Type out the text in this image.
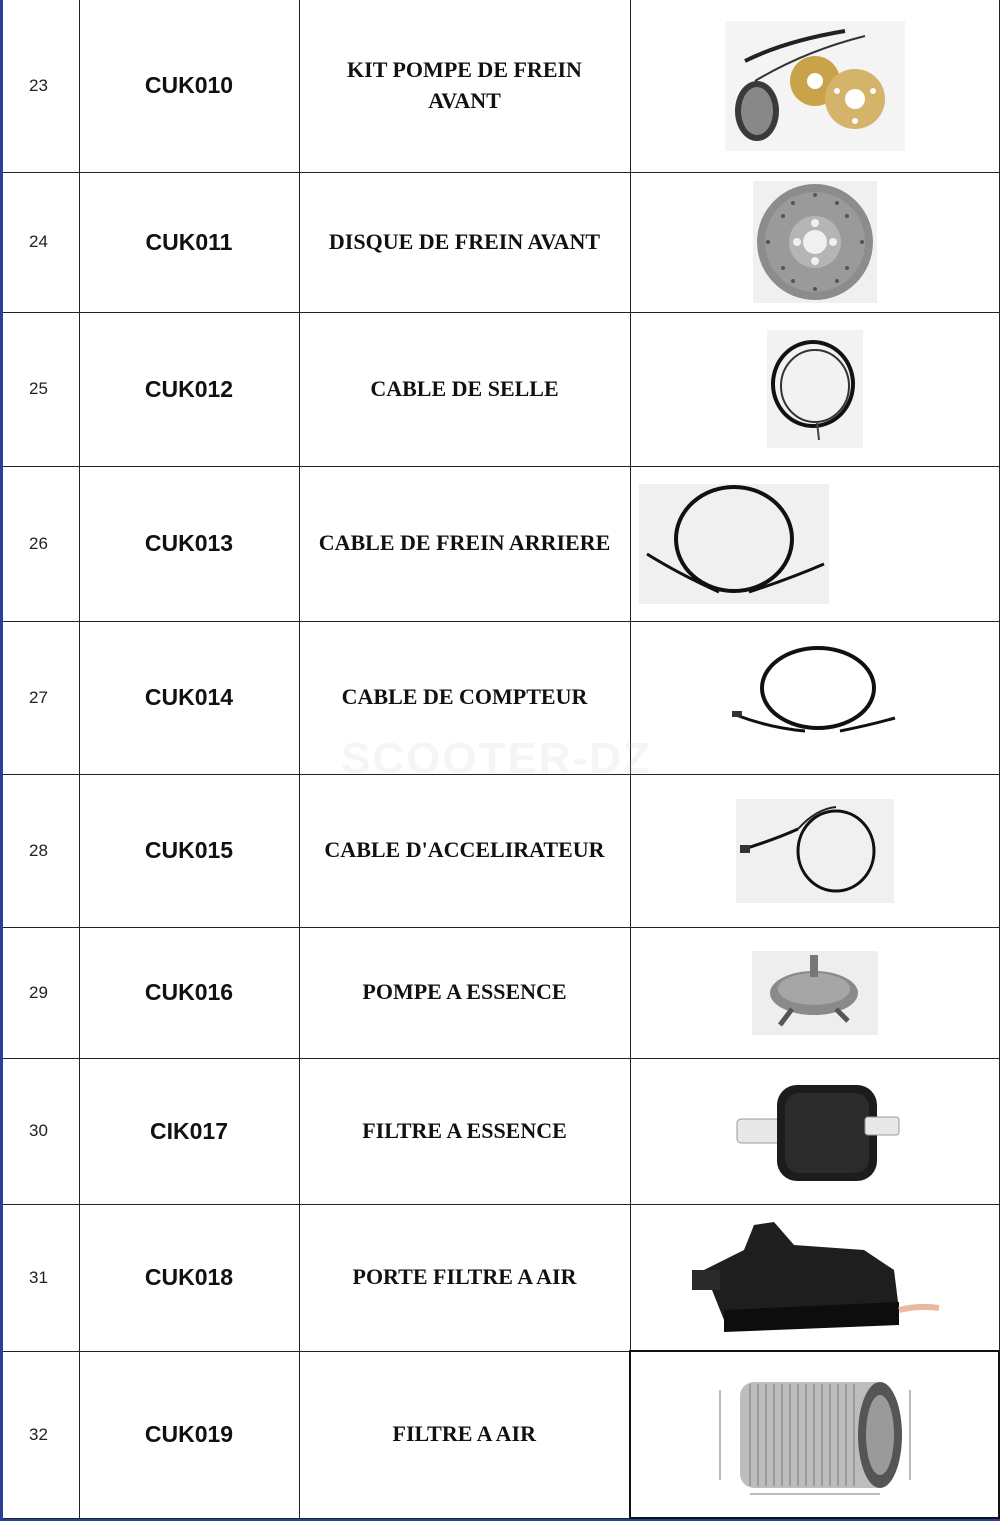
23	CUK010	KIT POMPE DE FREIN AVANT	

24	CUK011	DISQUE DE FREIN AVANT	

25	CUK012	CABLE DE SELLE	

26	CUK013	CABLE DE FREIN ARRIERE	

27	CUK014	CABLE DE COMPTEUR	

28	CUK015	CABLE D'ACCELIRATEUR	

29	CUK016	POMPE A ESSENCE	

30	CIK017	FILTRE A ESSENCE	

31	CUK018	PORTE FILTRE A AIR	

32	CUK019	FILTRE A AIR	
SCOOTER-DZ
